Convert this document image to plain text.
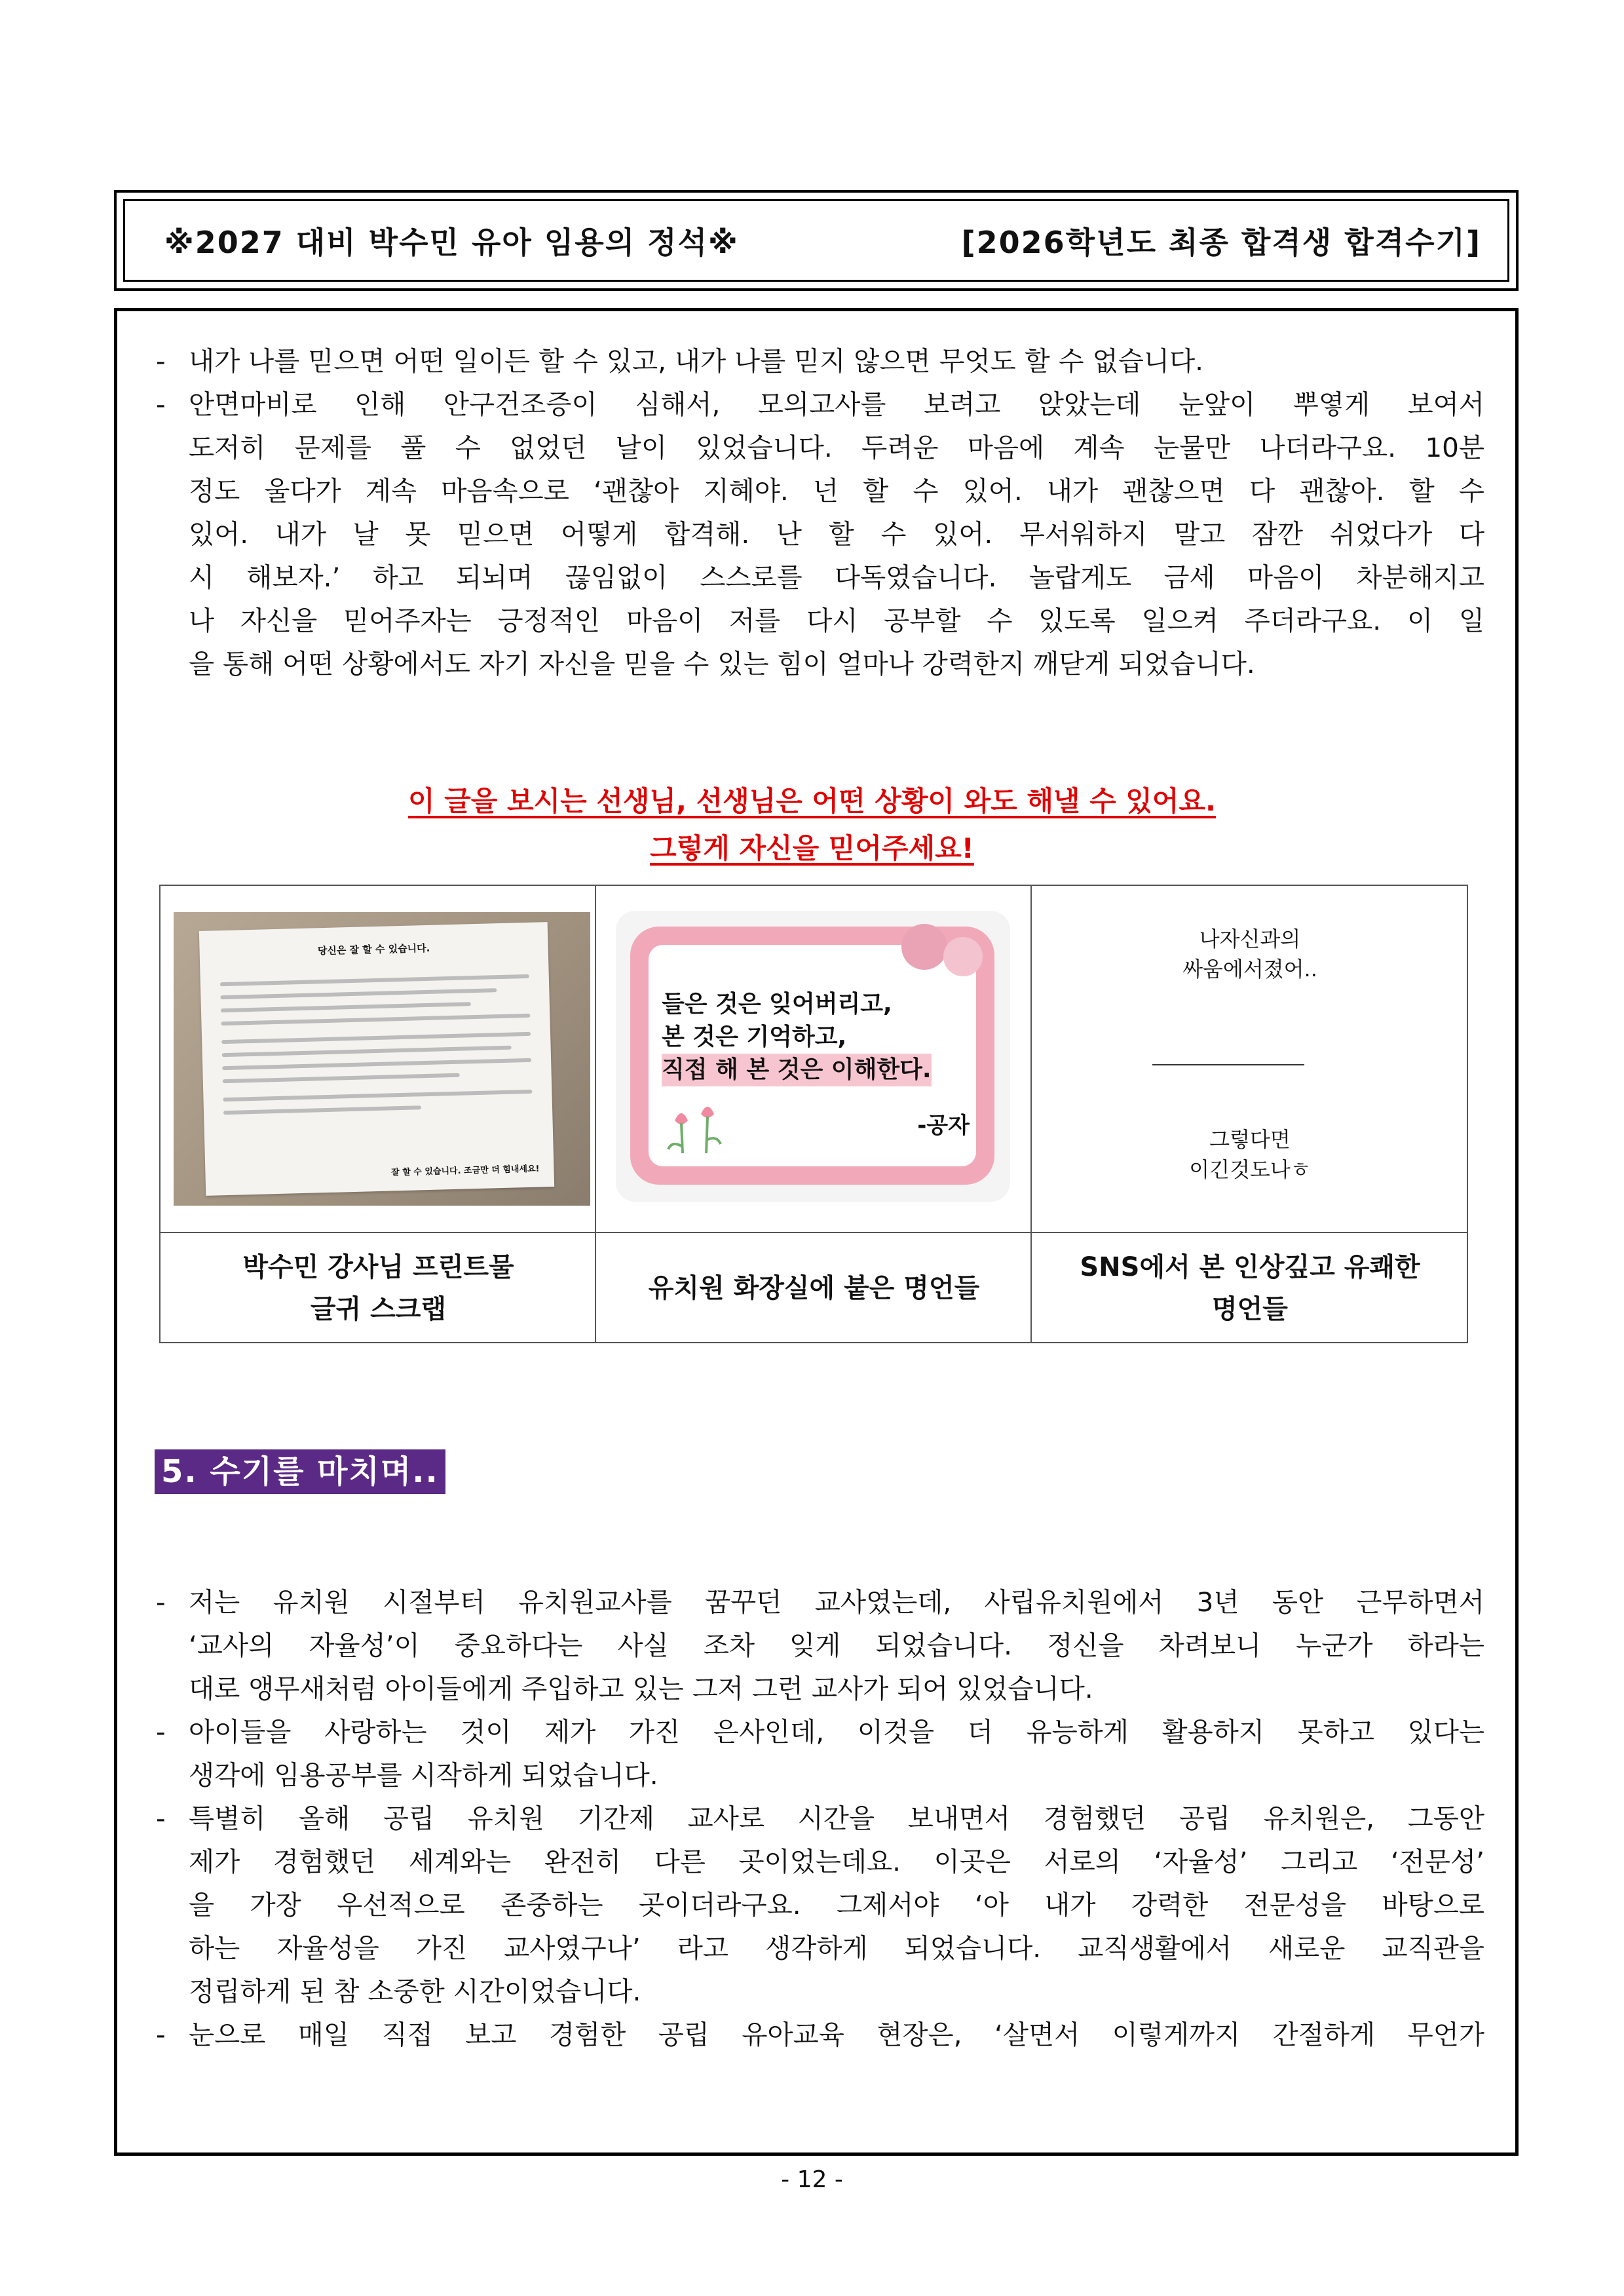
※2027 대비 박수민 유아 임용의 정석※	[2026학년도 최종 합격생 합격수기]
- 내가 나를 믿으면 어떤 일이든 할 수 있고, 내가 나를 믿지 않으면 무엇도 할 수 없습니다.
- 안면마비로 인해 안구건조증이 심해서, 모의고사를 보려고 앉았는데 눈앞이 뿌옇게 보여서
도저히 문제를 풀 수 없었던 날이 있었습니다. 두려운 마음에 계속 눈물만 나더라구요. 10분
정도 울다가 계속 마음속으로 ‘괜찮아 지혜야. 넌 할 수 있어. 내가 괜찮으면 다 괜찮아. 할 수
있어. 내가 날 못 믿으면 어떻게 합격해. 난 할 수 있어. 무서워하지 말고 잠깐 쉬었다가 다
시 해보자.’ 하고 되뇌며 끊임없이 스스로를 다독였습니다. 놀랍게도 금세 마음이 차분해지고
나 자신을 믿어주자는 긍정적인 마음이 저를 다시 공부할 수 있도록 일으켜 주더라구요. 이 일
을 통해 어떤 상황에서도 자기 자신을 믿을 수 있는 힘이 얼마나 강력한지 깨닫게 되었습니다.
이 글을 보시는 선생님, 선생님은 어떤 상황이 와도 해낼 수 있어요.
그렇게 자신을 믿어주세요!
당신은 잘 할 수 있습니다.
잘 할 수 있습니다. 조금만 더 힘내세요!
들은 것은 잊어버리고,
본 것은 기억하고,
직접 해 본 것은 이해한다.
-공자
나자신과의
싸움에서졌어..
그렇다면
이긴것도나ㅎ
박수민 강사님 프린트물
글귀 스크랩
유치원 화장실에 붙은 명언들
SNS에서 본 인상깊고 유쾌한
명언들
5. 수기를 마치며..
- 저는 유치원 시절부터 유치원교사를 꿈꾸던 교사였는데, 사립유치원에서 3년 동안 근무하면서
‘교사의 자율성’이 중요하다는 사실 조차 잊게 되었습니다. 정신을 차려보니 누군가 하라는
대로 앵무새처럼 아이들에게 주입하고 있는 그저 그런 교사가 되어 있었습니다.
- 아이들을 사랑하는 것이 제가 가진 은사인데, 이것을 더 유능하게 활용하지 못하고 있다는
생각에 임용공부를 시작하게 되었습니다.
- 특별히 올해 공립 유치원 기간제 교사로 시간을 보내면서 경험했던 공립 유치원은, 그동안
제가 경험했던 세계와는 완전히 다른 곳이었는데요. 이곳은 서로의 ‘자율성’ 그리고 ‘전문성’
을 가장 우선적으로 존중하는 곳이더라구요. 그제서야 ‘아 내가 강력한 전문성을 바탕으로
하는 자율성을 가진 교사였구나’ 라고 생각하게 되었습니다. 교직생활에서 새로운 교직관을
정립하게 된 참 소중한 시간이었습니다.
- 눈으로 매일 직접 보고 경험한 공립 유아교육 현장은, ‘살면서 이렇게까지 간절하게 무언가
- 12 -
